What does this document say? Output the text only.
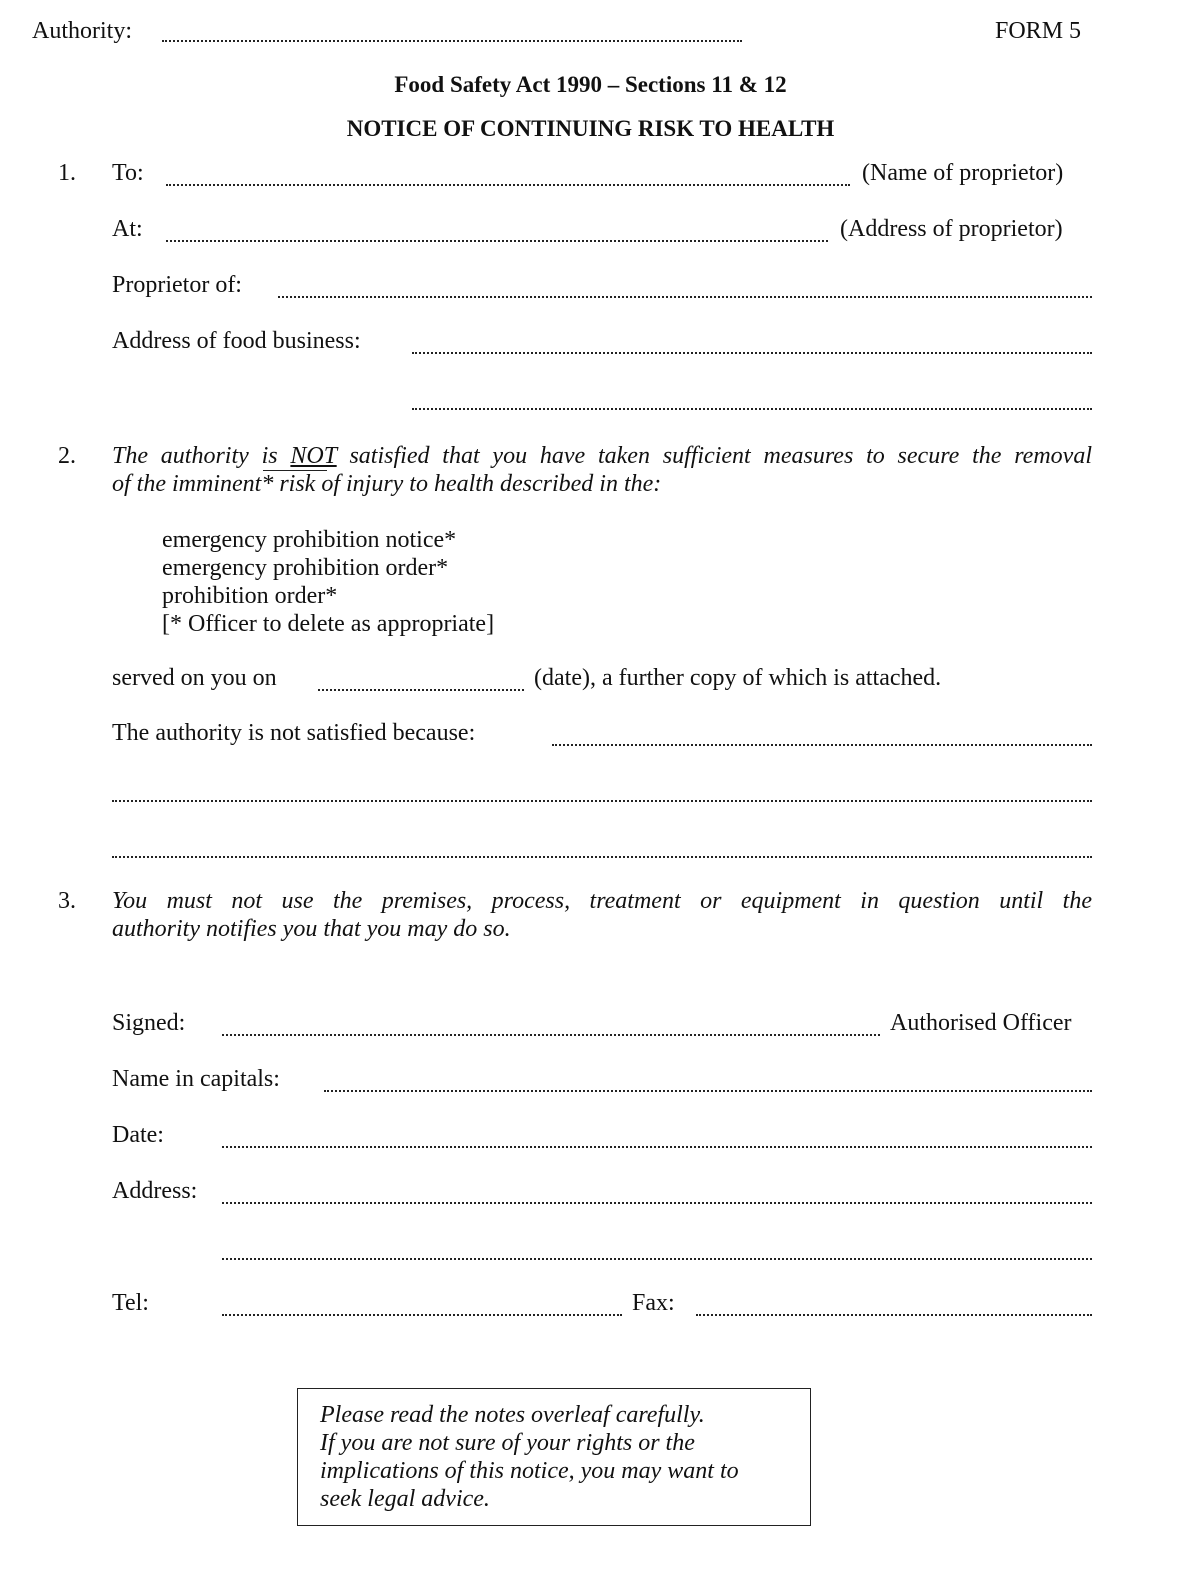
Authority:	FORM 5
Food Safety Act 1990 – Sections 11 & 12
NOTICE OF CONTINUING RISK TO HEALTH
1. To:	(Name of proprietor)
At:	(Address of proprietor)
Proprietor of:
Address of food business:
2. The authority is NOT satisfied that you have taken sufficient measures to secure the removal
of the imminent*
risk of injury to health described in the:
emergency prohibition notice*
emergency prohibition order*
prohibition order*
[* Officer to delete as appropriate]
served on you on	(date), a further copy of which is attached.
The authority is not satisfied because:
3. You must not use the premises, process, treatment or equipment in question until the
authority notifies you that you may do so.
Signed:	Authorised Officer
Name in capitals:
Date:
Address:
Tel:	Fax:
Please read the notes overleaf carefully.
If you are not sure of your rights or the
implications of this notice, you may want to
seek legal advice.
